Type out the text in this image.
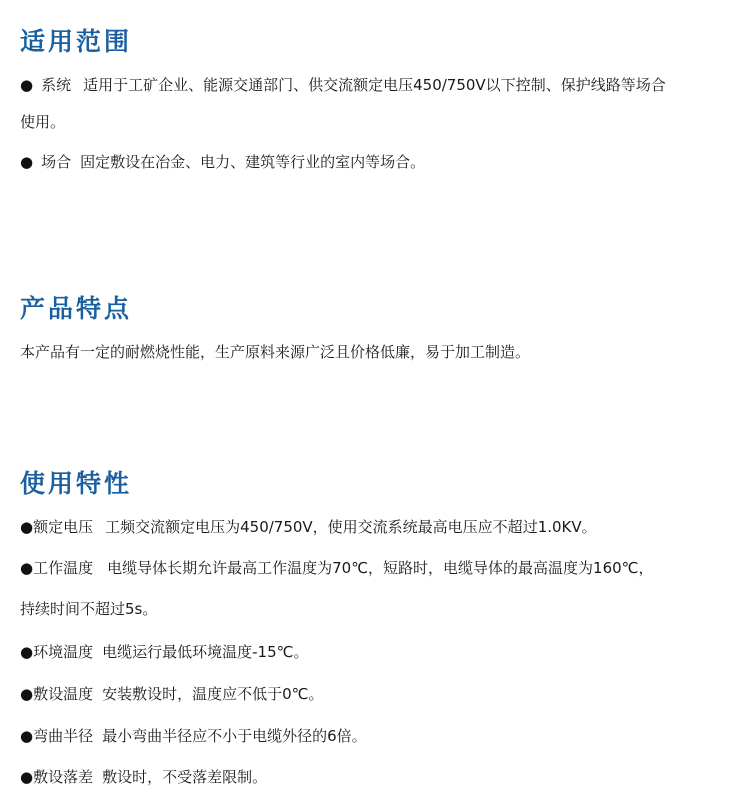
适用范围

● 系统 适用于工矿企业、能源交通部门、供交流额定电压450/750V以下控制、保护线路等场合

使用。

● 场合 固定敷设在冶金、电力、建筑等行业的室内等场合。

产品特点

本产品有一定的耐燃烧性能，生产原料来源广泛且价格低廉，易于加工制造。

使用特性

●额定电压 工频交流额定电压为450/750V，使用交流系统最高电压应不超过1.0KV。

●工作温度 电缆导体长期允许最高工作温度为70℃，短路时，电缆导体的最高温度为160℃，

持续时间不超过5s。

●环境温度 电缆运行最低环境温度-15℃。

●敷设温度 安装敷设时，温度应不低于0℃。

●弯曲半径 最小弯曲半径应不小于电缆外径的6倍。

●敷设落差 敷设时，不受落差限制。
